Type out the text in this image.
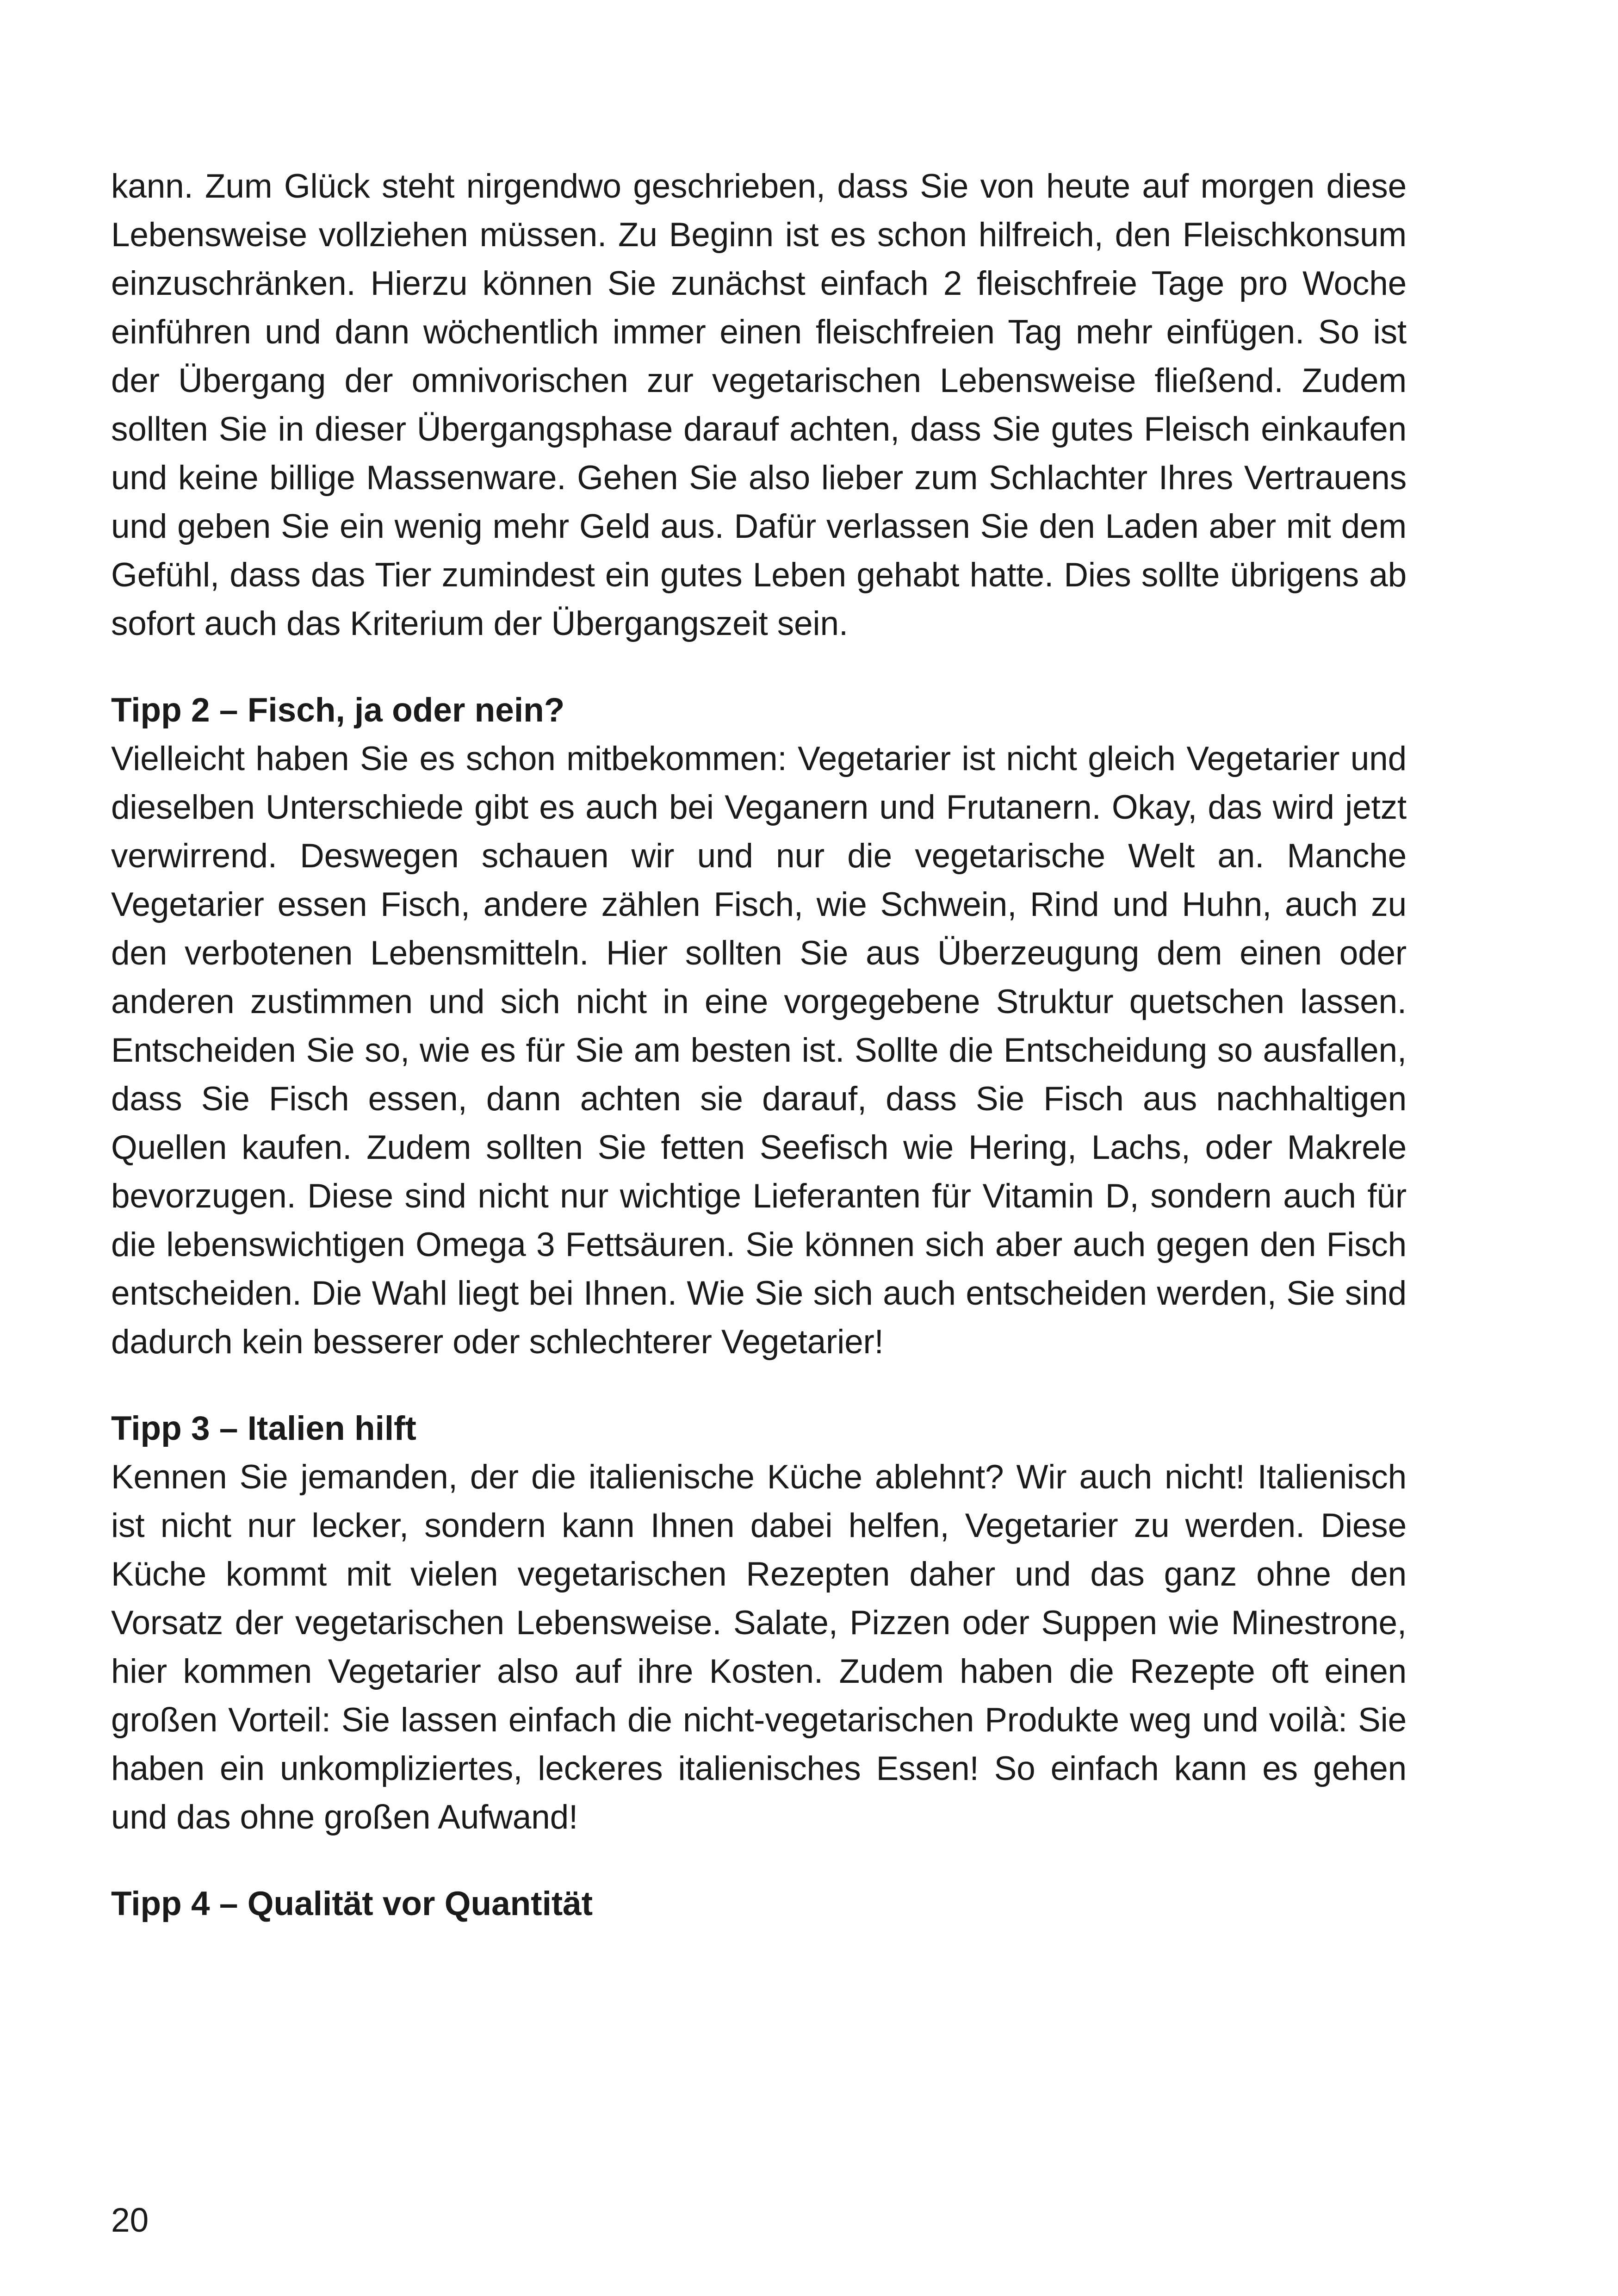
kann. Zum Glück steht nirgendwo geschrieben, dass Sie von heute auf morgen diese Lebensweise vollziehen müssen. Zu Beginn ist es schon hilfreich, den Fleischkonsum einzuschränken. Hierzu können Sie zunächst einfach 2 fleischfreie Tage pro Woche einführen und dann wöchentlich immer einen fleischfreien Tag mehr einfügen. So ist der Übergang der omnivorischen zur vegetarischen Lebensweise fließend. Zudem sollten Sie in dieser Übergangsphase darauf achten, dass Sie gutes Fleisch einkaufen und keine billige Massenware. Gehen Sie also lieber zum Schlachter Ihres Vertrauens und geben Sie ein wenig mehr Geld aus. Dafür verlassen Sie den Laden aber mit dem Gefühl, dass das Tier zumindest ein gutes Leben gehabt hatte. Dies sollte übrigens ab sofort auch das Kriterium der Übergangszeit sein.

Tipp 2 – Fisch, ja oder nein?

Vielleicht haben Sie es schon mitbekommen: Vegetarier ist nicht gleich Vegetarier und dieselben Unterschiede gibt es auch bei Veganern und Frutanern. Okay, das wird jetzt verwirrend. Deswegen schauen wir und nur die vegetarische Welt an. Manche Vegetarier essen Fisch, andere zählen Fisch, wie Schwein, Rind und Huhn, auch zu den verbotenen Lebensmitteln. Hier sollten Sie aus Überzeugung dem einen oder anderen zustimmen und sich nicht in eine vorgegebene Struktur quetschen lassen. Entscheiden Sie so, wie es für Sie am besten ist. Sollte die Entscheidung so ausfallen, dass Sie Fisch essen, dann achten sie darauf, dass Sie Fisch aus nachhaltigen Quellen kaufen. Zudem sollten Sie fetten Seefisch wie Hering, Lachs, oder Makrele bevorzugen. Diese sind nicht nur wichtige Lieferanten für Vitamin D, sondern auch für die lebenswichtigen Omega 3 Fettsäuren. Sie können sich aber auch gegen den Fisch entscheiden. Die Wahl liegt bei Ihnen. Wie Sie sich auch entscheiden werden, Sie sind dadurch kein besserer oder schlechterer Vegetarier!

Tipp 3 – Italien hilft

Kennen Sie jemanden, der die italienische Küche ablehnt? Wir auch nicht! Italienisch ist nicht nur lecker, sondern kann Ihnen dabei helfen, Vegetarier zu werden. Diese Küche kommt mit vielen vegetarischen Rezepten daher und das ganz ohne den Vorsatz der vegetarischen Lebensweise. Salate, Pizzen oder Suppen wie Minestrone, hier kommen Vegetarier also auf ihre Kosten. Zudem haben die Rezepte oft einen großen Vorteil: Sie lassen einfach die nicht-vegetarischen Produkte weg und voilà: Sie haben ein unkompliziertes, leckeres italienisches Essen! So einfach kann es gehen und das ohne großen Aufwand!

Tipp 4 – Qualität vor Quantität
20
